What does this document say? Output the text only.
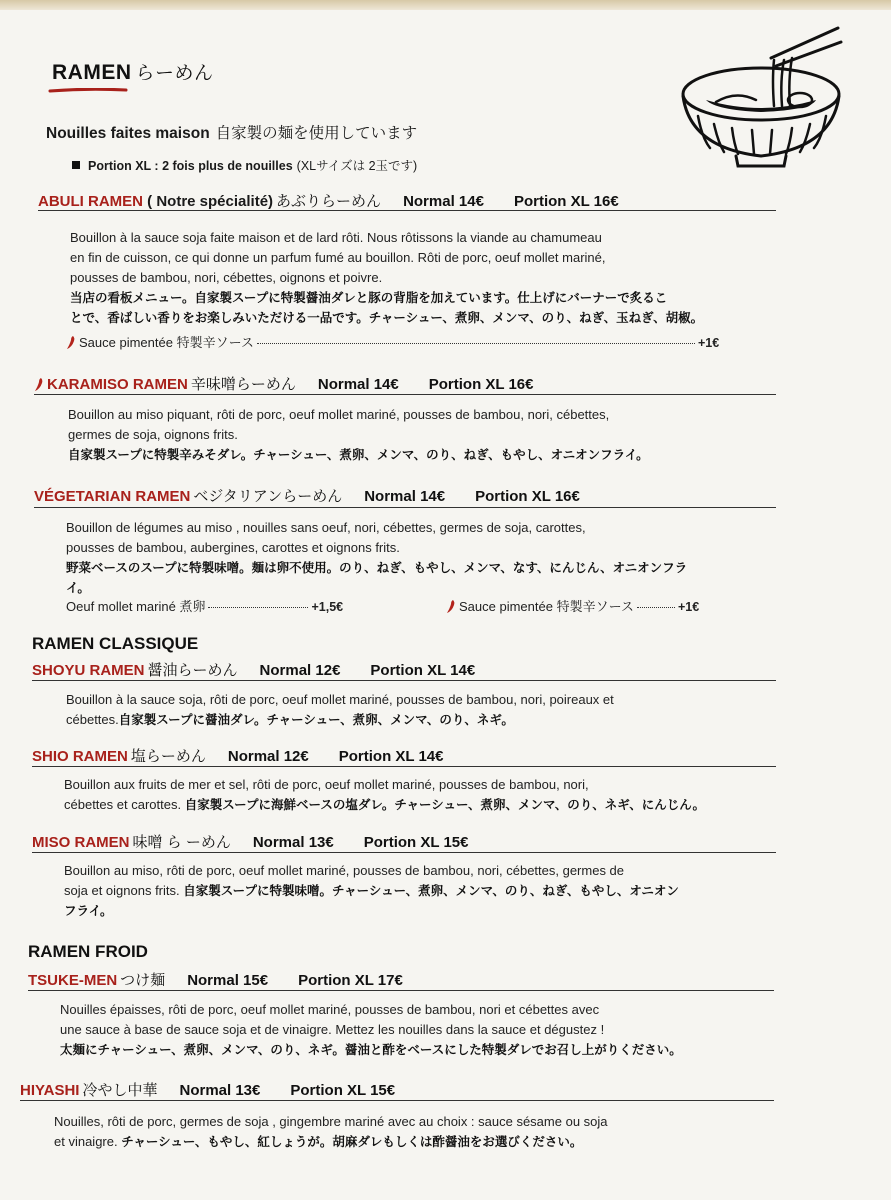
RAMEN らーめん
Nouilles faites maison 自家製の麺を使用しています
Portion XL : 2 fois plus de nouilles (XLサイズは 2玉です)
ABULI RAMEN ( Notre spécialité) あぶりらーめん Normal 14€ Portion XL 16€
Bouillon à la sauce soja faite maison et de lard rôti. Nous rôtissons la viande au chamumeau
en fin de cuisson, ce qui donne un parfum fumé au bouillon. Rôti de porc, oeuf mollet mariné,
pousses de bambou, nori, cébettes, oignons et poivre.
当店の看板メニュー。自家製スープに特製醤油ダレと豚の背脂を加えています。仕上げにバーナーで炙るこ
とで、香ばしい香りをお楽しみいただける一品です。チャーシュー、煮卵、メンマ、のり、ねぎ、玉ねぎ、胡椒。
Sauce pimentée 特製辛ソース	+1€
KARAMISO RAMEN 辛味噌らーめん Normal 14€ Portion XL 16€
Bouillon au miso piquant, rôti de porc, oeuf mollet mariné, pousses de bambou, nori, cébettes,
germes de soja, oignons frits.
自家製スープに特製辛みそダレ。チャーシュー、煮卵、メンマ、のり、ねぎ、もやし、オニオンフライ。
VÉGETARIAN RAMEN ベジタリアンらーめん Normal 14€ Portion XL 16€
Bouillon de légumes au miso , nouilles sans oeuf, nori, cébettes, germes de soja, carottes,
pousses de bambou, aubergines, carottes et oignons frits.
野菜ベースのスープに特製味噌。麺は卵不使用。のり、ねぎ、もやし、メンマ、なす、にんじん、オニオンフラ
イ。
Oeuf mollet mariné 煮卵	+1,5€	Sauce pimentée 特製辛ソース	+1€
RAMEN CLASSIQUE
SHOYU RAMEN 醤油らーめん Normal 12€ Portion XL 14€
Bouillon à la sauce soja, rôti de porc, oeuf mollet mariné, pousses de bambou, nori, poireaux et
cébettes.自家製スープに醤油ダレ。チャーシュー、煮卵、メンマ、のり、ネギ。
SHIO RAMEN 塩らーめん Normal 12€ Portion XL 14€
Bouillon aux fruits de mer et sel, rôti de porc, oeuf mollet mariné, pousses de bambou, nori,
cébettes et carottes. 自家製スープに海鮮ベースの塩ダレ。チャーシュー、煮卵、メンマ、のり、ネギ、にんじん。
MISO RAMEN 味噌 ら ーめん Normal 13€ Portion XL 15€
Bouillon au miso, rôti de porc, oeuf mollet mariné, pousses de bambou, nori, cébettes, germes de
soja et oignons frits. 自家製スープに特製味噌。チャーシュー、煮卵、メンマ、のり、ねぎ、もやし、オニオン
フライ。
RAMEN FROID
TSUKE-MEN つけ麺 Normal 15€ Portion XL 17€
Nouilles épaisses, rôti de porc, oeuf mollet mariné, pousses de bambou, nori et cébettes avec
une sauce à base de sauce soja et de vinaigre. Mettez les nouilles dans la sauce et dégustez !
太麺にチャーシュー、煮卵、メンマ、のり、ネギ。醤油と酢をベースにした特製ダレでお召し上がりください。
HIYASHI 冷やし中華 Normal 13€ Portion XL 15€
Nouilles, rôti de porc, germes de soja , gingembre mariné avec au choix : sauce sésame ou soja
et vinaigre. チャーシュー、もやし、紅しょうが。胡麻ダレもしくは酢醤油をお選びください。
